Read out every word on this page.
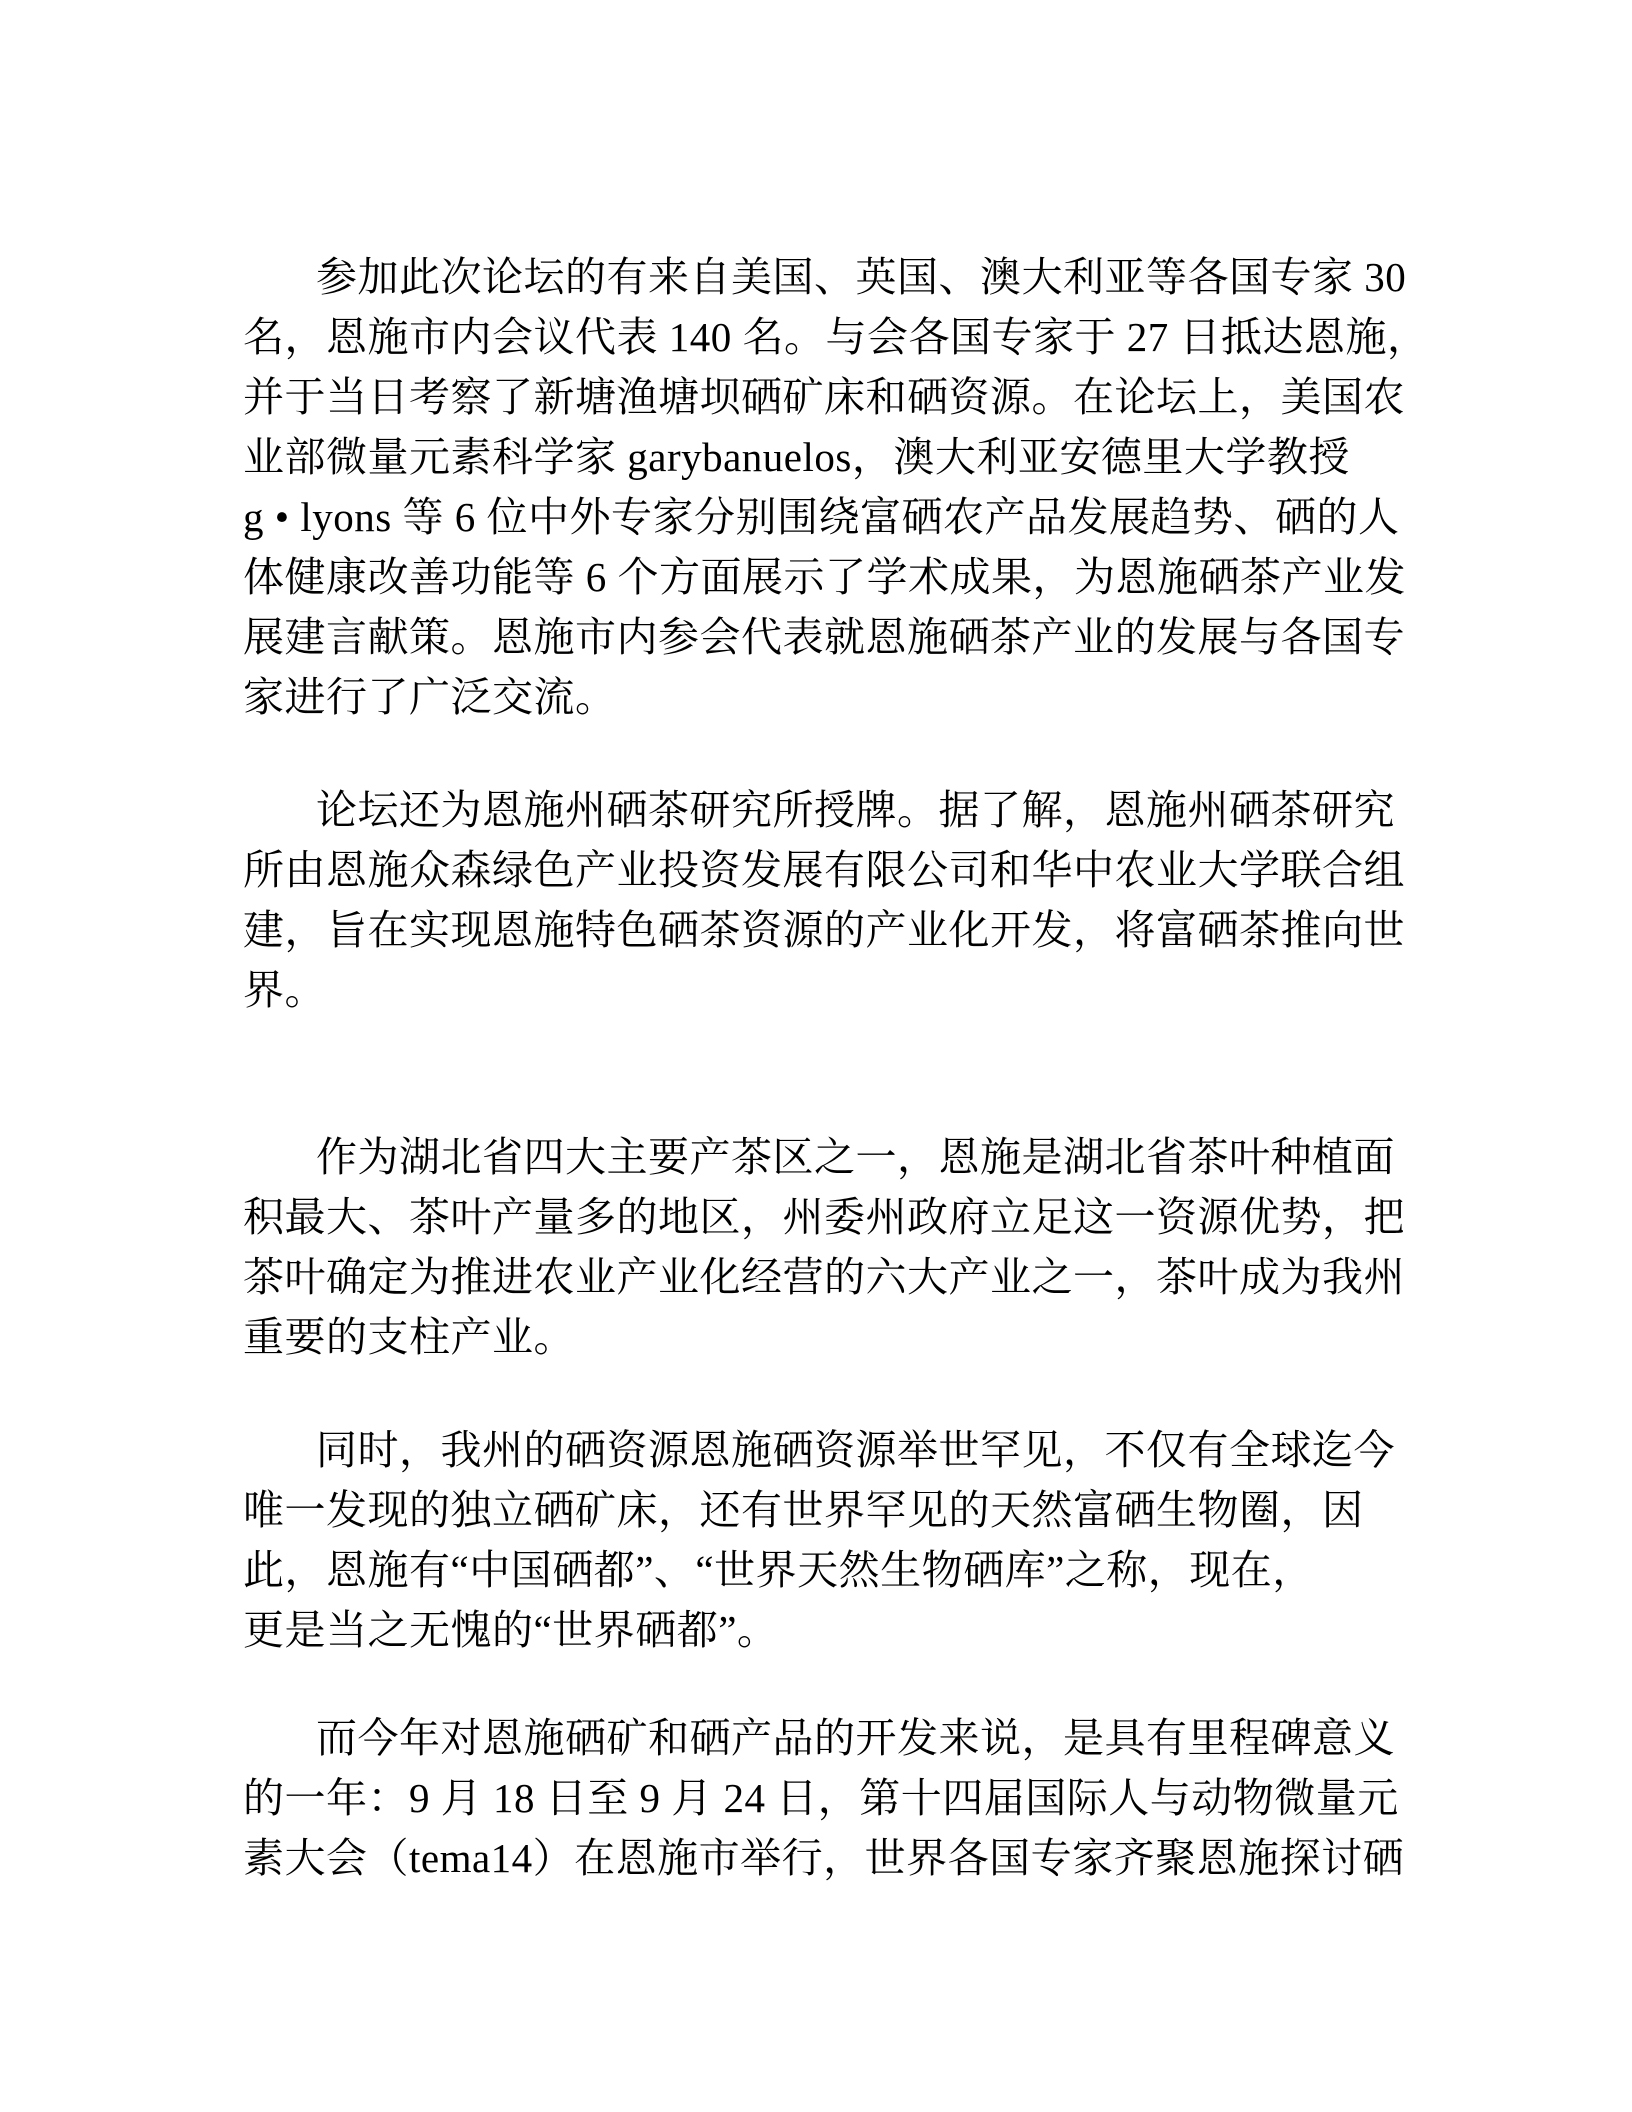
参加此次论坛的有来自美国、英国、澳大利亚等各国专家 30
名，恩施市内会议代表 140 名。与会各国专家于 27 日抵达恩施，
并于当日考察了新塘渔塘坝硒矿床和硒资源。在论坛上，美国农
业部微量元素科学家 garybanuelos，澳大利亚安德里大学教授
g • lyons 等 6 位中外专家分别围绕富硒农产品发展趋势、硒的人
体健康改善功能等 6 个方面展示了学术成果，为恩施硒茶产业发
展建言献策。恩施市内参会代表就恩施硒茶产业的发展与各国专
家进行了广泛交流。
论坛还为恩施州硒茶研究所授牌。据了解，恩施州硒茶研究
所由恩施众森绿色产业投资发展有限公司和华中农业大学联合组
建，旨在实现恩施特色硒茶资源的产业化开发，将富硒茶推向世
界。
作为湖北省四大主要产茶区之一，恩施是湖北省茶叶种植面
积最大、茶叶产量多的地区，州委州政府立足这一资源优势，把
茶叶确定为推进农业产业化经营的六大产业之一，茶叶成为我州
重要的支柱产业。
同时，我州的硒资源恩施硒资源举世罕见，不仅有全球迄今
唯一发现的独立硒矿床，还有世界罕见的天然富硒生物圈，因
此，恩施有“中国硒都”、“世界天然生物硒库”之称，现在，
更是当之无愧的“世界硒都”。
而今年对恩施硒矿和硒产品的开发来说，是具有里程碑意义
的一年：9 月 18 日至 9 月 24 日，第十四届国际人与动物微量元
素大会（tema14）在恩施市举行，世界各国专家齐聚恩施探讨硒
